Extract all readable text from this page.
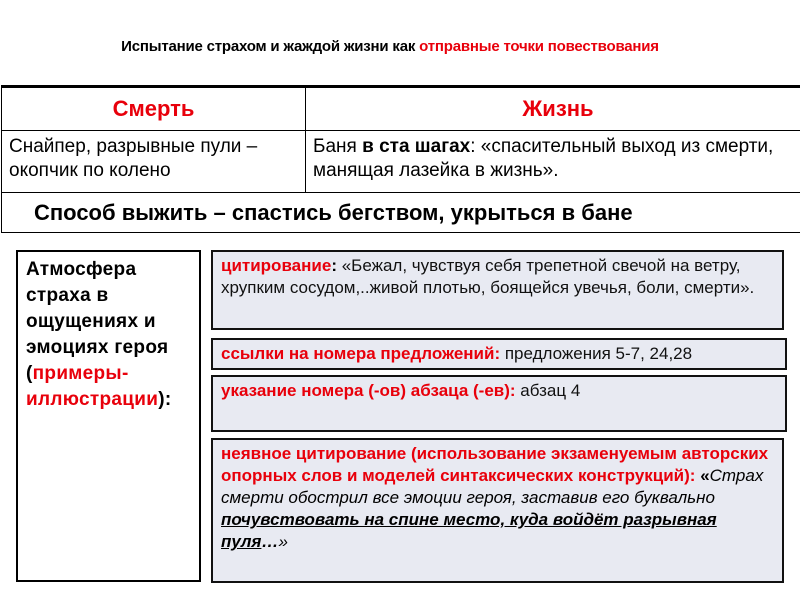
Испытание страхом и жаждой жизни как отправные точки повествования
Смерть	Жизнь
Снайпер, разрывные пули – окопчик по колено	Баня в ста шагах: «спасительный выход из смерти, манящая лазейка в жизнь».
Способ выжить – спастись бегством, укрыться в бане	
Атмосфера страха в ощущениях и эмоциях героя (примеры-иллюстрации):
цитирование: «Бежал, чувствуя себя трепетной свечой на ветру, хрупким сосудом,..живой плотью, боящейся увечья, боли, смерти».
ссылки на номера предложений: предложения 5-7, 24,28
указание номера (-ов) абзаца (-ев): абзац 4
неявное цитирование (использование экзаменуемым авторских опорных слов и моделей синтаксических конструкций): «Страх смерти обострил все эмоции героя, заставив его буквально почувствовать на спине место, куда войдёт разрывная пуля…»
